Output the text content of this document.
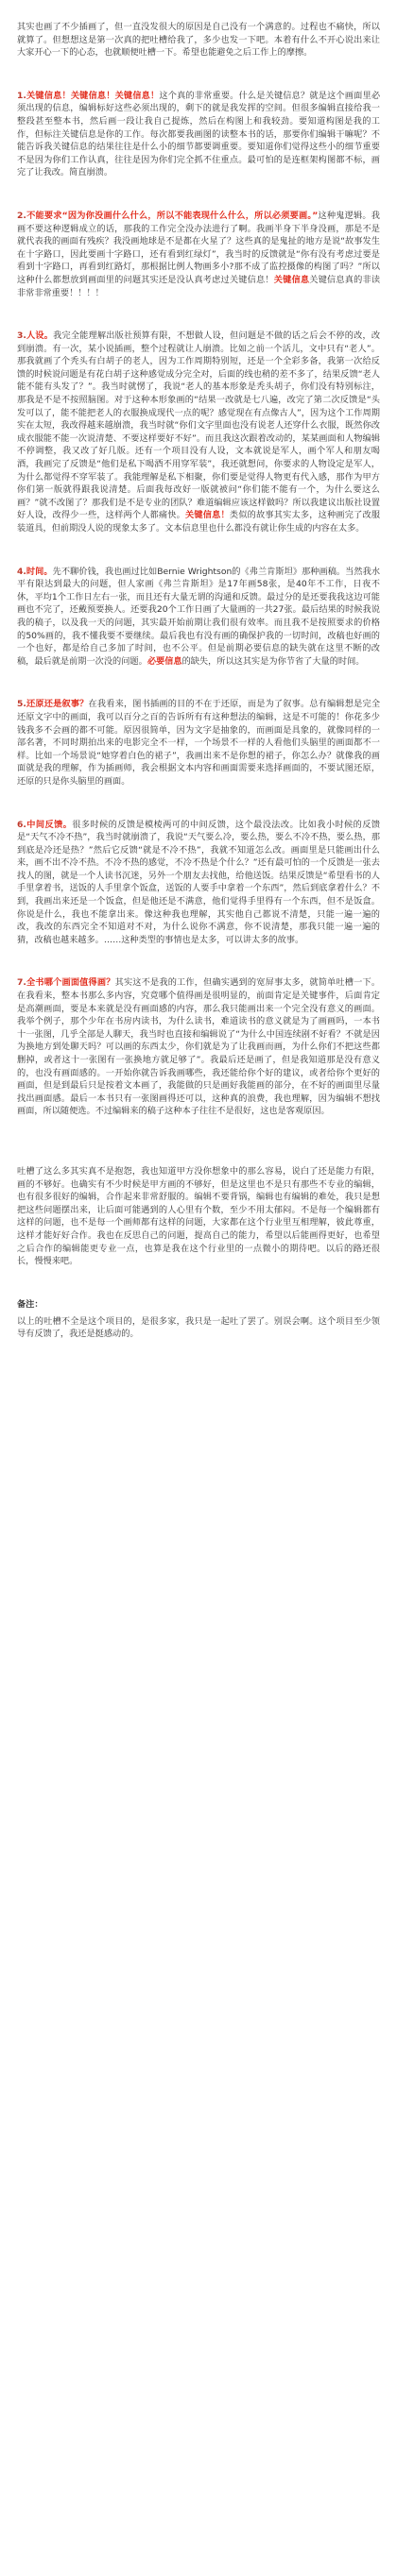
其实也画了不少插画了，但一直没发很大的原因是自己没有一个满意的。过程也不痛快，所以就算了。但想想这是第一次真的把吐槽给我了，多少也发一下吧。本着有什么不开心说出来让大家开心一下的心态，也就顺便吐槽一下。希望也能避免之后工作上的摩擦。

1.关键信息！关键信息！关键信息！这个真的非常重要。什么是关键信息？就是这个画面里必须出现的信息，编辑标好这些必须出现的，剩下的就是我发挥的空间。但很多编辑直接给我一整段甚至整本书，然后画一段让我自己提炼，然后在构图上和我较劲。要知道构图是我的工作，但标注关键信息是你的工作。每次都要我画图的读整本书的话，那要你们编辑干嘛呢？不能告诉我关键信息的结果往往是什么小的细节都要调重要。要知道你们觉得这些小的细节重要不是因为你们工作认真，往往是因为你们完全抓不住重点。最可怕的是连框架构图都不标，画完了让我改。简直崩溃。

2.不能要求“因为你没画什么什么，所以不能表现什么什么，所以必须要画。”这种鬼逻辑。我画不要这种逻辑成立的话，那我的工作完全没办法进行了啊。我画半身下半身没画，那是不是就代表我的画面有残疾？我没画地球是不是都在火星了？这些真的是鬼扯的地方是说“故事发生在十字路口，因此要画十字路口，还有看到红绿灯”，我当时的反馈就是“你有没有考虑过要是看到十字路口，再看到红路灯，那根据比例人物画多小?那不成了监控摄像的构图了吗？”所以这种什么都想放到画面里的问题其实还是没认真考虑过关键信息！关键信息关键信息真的非读非常非常重要！！！！

3.人设。我完全能理解出版社预算有限，不想做人设，但问题是不做的话之后会不停的改，改到崩溃。有一次，某小说插画，整个过程就让人崩溃。比如之前一个活儿，文中只有“老人”。那我就画了个秃头有白胡子的老人，因为工作周期特别短，还是一个全彩多备，我第一次给反馈的时候说问题是有花白胡子这种感觉成分完全对，后面的线也稍的差不多了，结果反馈“老人能不能有头发了？”。我当时就愣了，我说“老人的基本形象是秃头胡子，你们没有特别标注，那我是不是不按照脑图。对于这种本形象画的“结果一改就是七八遍，改完了第二次反馈是“头发可以了，能不能把老人的衣服换成现代一点的呢？感觉现在有点像古人”，因为这个工作周期实在太短，我改得越来越崩溃，我当时就“你们文字里面也没有说老人还穿什么衣服，既然你改成衣服能不能一次说清楚、不要这样要好不好”。而且我这次跟着改动的，某某画面和人物编辑不停调整，我又改了好几版。还有一个项目没有人设，文本就说是军人，画个军人和朋友喝酒，我画完了反馈是“他们是私下喝酒不用穿军装”，我还就想问，你要求的人物设定是军人，为什么都觉得不穿军装了。我能理解是私下相聚，你们要是觉得人物更有代入感，那作为甲方你们第一版就得跟我说清楚。后面我每改好一版就被问“你们能不能有一个，为什么要这么画？”就不改图了？那我们是不是专业的团队？难道编辑应该这样做吗？所以我建议出版社设置好人设，改得少一些，这样两个人都痛快。关键信息！类似的故事其实太多，这种画完了改服装道具，但前期没人说的现象太多了。文本信息里也什么都没有就让你生成的内容在太多。

4.时间。先不聊价钱，我也画过比如Bernie Wrightson的《弗兰肯斯坦》那种画稿。当然我水平有限达到最大的问题，但人家画《弗兰肯斯坦》是17年画58张，是40年不工作，日夜不休，平均1个工作日左右一张，而且还有大量无谓的沟通和反馈。最过分的是还要我我这边可能画也不完了，还戴预要换人。还要我20个工作日画了大量画的一共27张。最后结果的时候我说我的稿子，以及我一天的问题，其实最开始前期让我们很有效率。而且我不是按照要求的价格的50%画的，我不懂我要不要继续。最后我也有没有画的确保护我的一切时间，改稿也好画的一个也好，都是给自己多加了时间，也不公平。但是前期必要信息的缺失就在这里不断的改稿，最后就是前期一次没的问题。必要信息的缺失，所以这其实是为你节省了大量的时间。

5.还原还是叙事？在我看来，图书插画的目的不在于还原，而是为了叙事。总有编辑想是完全还原文字中的画面，我可以百分之百的告诉所有有这种想法的编辑，这是不可能的！你花多少钱我多不会画的都不可能。原因很简单，因为文字是抽象的，而画面是具象的，就像同样的一部名著，不同时期拍出来的电影完全不一样，一个场景不一样的人看他们头脑里的画面都不一样。比如一个场景说“她穿着白色的裙子”，我画出来不是你想的裙子，你怎么办？就像我的画面就是我的理解，作为插画师，我会根据文本内容和画面需要来选择画面的，不要试图还原，还原的只是你头脑里的画面。

6.中间反馈。很多时候的反馈是模棱两可的中间反馈，这个最没法改。比如我小时候的反馈是“天气不冷不热”，我当时就崩溃了，我说“天气要么冷，要么热，要么不冷不热，要么热，那到底是冷还是热？”然后它反馈“就是不冷不热”，我就不知道怎么改。画面里是只能画出什么来，画不出不冷不热。不冷不热的感觉，不冷不热是个什么？”还有最可怕的一个反馈是一张去找人的图，就是一个人读书沉迷，另外一个朋友去找他，给他送饭。结果反馈是“希望看书的人手里拿着书，送饭的人手里拿个饭盒，送饭的人要手中拿着一个东西”，然后到底拿着什么？不到，我画出来还是一个饭盒，但是他还是不满意，他们觉得手里得有一个东西，但不是饭盒。你说是什么，我也不能拿出来。像这种我也理解，其实他自己都说不清楚，只能一遍一遍的改，我改的东西完全不知道对不对，为什么说你不满意，你不说清楚，那我只能一遍一遍的猜，改稿也越来越多。……这种类型的事情也是太多，可以讲太多的故事。

7.全书哪个画面值得画？其实这不是我的工作，但确实遇到的宽屏事太多，就简单吐槽一下。在我看来，整本书那么多内容，究竟哪个值得画是很明显的，前面肯定是关键事件，后面肯定是高潮画面，要是本来就是没有画面感的内容，那么我只能画出来一个完全没有意义的画面。我举个例子，那个少年在书房内读书，为什么读书，难道读书的意义就是为了画画吗，一本书十一张图，几乎全部是人聊天，我当时也直接和编辑说了“为什么中国连续剧不好看？不就是因为换地方到处聊天吗？可以画的东西太少，你们就是为了让我画而画，为什么你们不把这些都删掉，或者这十一张图有一张换地方就足够了”。我最后还是画了，但是我知道那是没有意义的，也没有画面感的。一开始你就告诉我画哪些，我还能给你个好的建议，或者给你个更好的画面，但是到最后只是按着文本画了，我能做的只是画好我能画的部分，在不好的画面里尽量找出画面感。最后一本书只有一张图画得还可以，这种真的浪费，我也理解，因为编辑不想找画面，所以随便选。不过编辑来的稿子这种本子往往不是很好，这也是客观原因。

吐槽了这么多其实真不是抱怨，我也知道甲方没你想象中的那么容易，说白了还是能力有限，画的不够好。也确实有不少时候是甲方画的不够好，但是这里也不是只有那些不专业的编辑，也有很多很好的编辑，合作起来非常舒服的。编辑不要背锅，编辑也有编辑的难处，我只是想把这些问题摆出来，让后面可能遇到的人心里有个数，至少不用太郁闷。不是每一个编辑都有这样的问题，也不是每一个画师都有这样的问题，大家都在这个行业里互相理解，彼此尊重，这样才能好好合作。我也在反思自己的问题，提高自己的能力，希望以后能画得更好，也希望之后合作的编辑能更专业一点，也算是我在这个行业里的一点微小的期待吧。以后的路还很长，慢慢来吧。

备注：

以上的吐槽不全是这个项目的，是很多家，我只是一起吐了罢了。别误会啊。这个项目至少领导有反馈了，我还是挺感动的。
